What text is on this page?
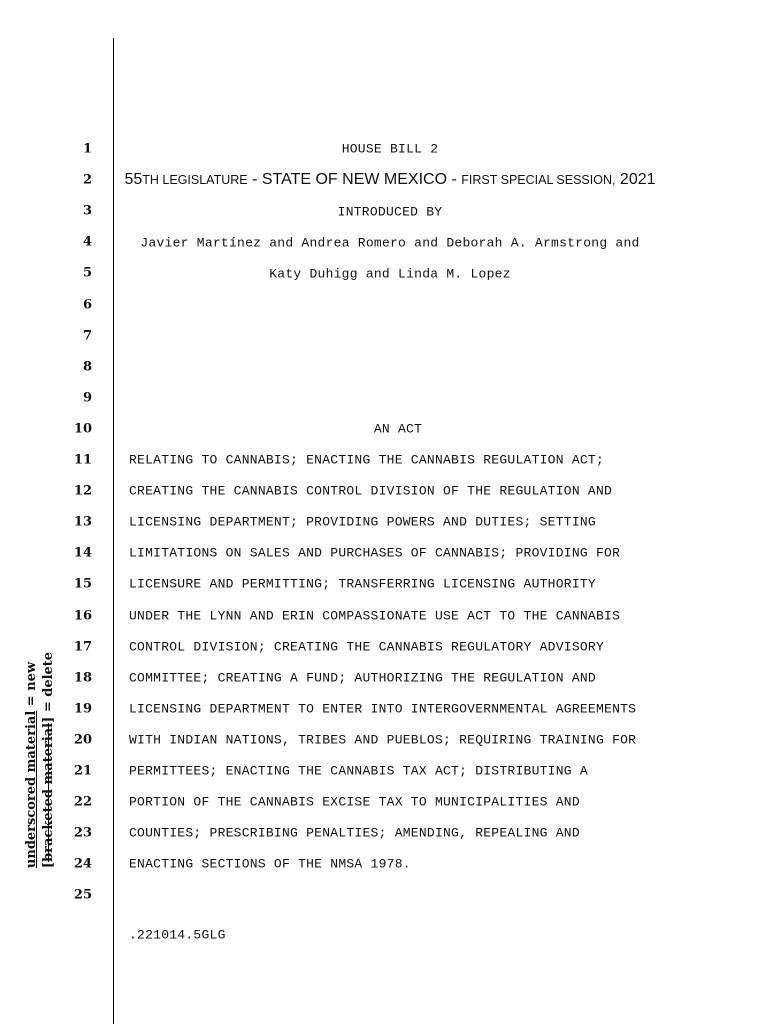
1
2
3
4
5
6
7
8
9
10
11
12
13
14
15
16
17
18
19
20
21
22
23
24
25
HOUSE BILL 2
55TH LEGISLATURE - STATE OF NEW MEXICO - FIRST SPECIAL SESSION, 2021
INTRODUCED BY
Javier Martínez and Andrea Romero and Deborah A. Armstrong and
Katy Duhigg and Linda M. Lopez
AN ACT
RELATING TO CANNABIS; ENACTING THE CANNABIS REGULATION ACT;
CREATING THE CANNABIS CONTROL DIVISION OF THE REGULATION AND
LICENSING DEPARTMENT; PROVIDING POWERS AND DUTIES; SETTING
LIMITATIONS ON SALES AND PURCHASES OF CANNABIS; PROVIDING FOR
LICENSURE AND PERMITTING; TRANSFERRING LICENSING AUTHORITY
UNDER THE LYNN AND ERIN COMPASSIONATE USE ACT TO THE CANNABIS
CONTROL DIVISION; CREATING THE CANNABIS REGULATORY ADVISORY
COMMITTEE; CREATING A FUND; AUTHORIZING THE REGULATION AND
LICENSING DEPARTMENT TO ENTER INTO INTERGOVERNMENTAL AGREEMENTS
WITH INDIAN NATIONS, TRIBES AND PUEBLOS; REQUIRING TRAINING FOR
PERMITTEES; ENACTING THE CANNABIS TAX ACT; DISTRIBUTING A
PORTION OF THE CANNABIS EXCISE TAX TO MUNICIPALITIES AND
COUNTIES; PRESCRIBING PENALTIES; AMENDING, REPEALING AND
ENACTING SECTIONS OF THE NMSA 1978.
.221014.5GLG
underscored material = new
[bracketed material] = delete
